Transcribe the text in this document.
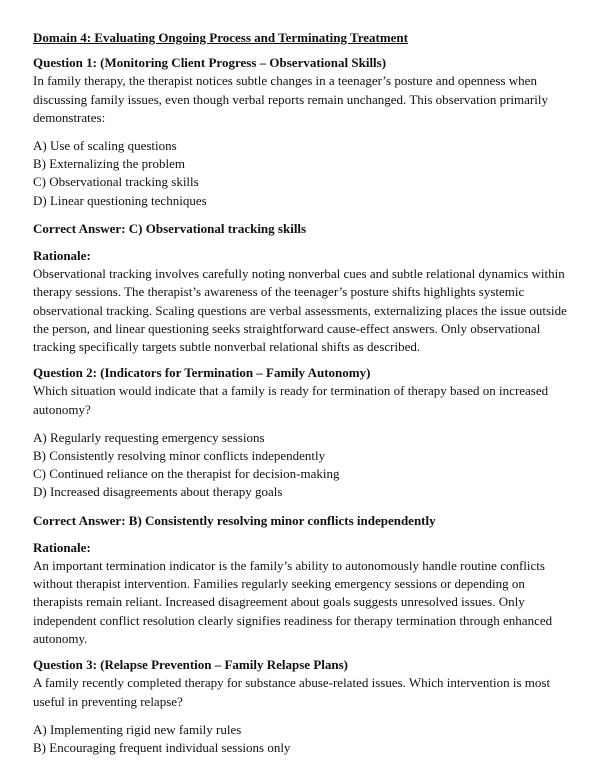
Domain 4: Evaluating Ongoing Process and Terminating Treatment
Question 1: (Monitoring Client Progress – Observational Skills)

In family therapy, the therapist notices subtle changes in a teenager’s posture and openness when discussing family issues, even though verbal reports remain unchanged. This observation primarily demonstrates:

A) Use of scaling questions
B) Externalizing the problem
C) Observational tracking skills
D) Linear questioning techniques
Correct Answer: C) Observational tracking skills
Rationale:

Observational tracking involves carefully noting nonverbal cues and subtle relational dynamics within therapy sessions. The therapist’s awareness of the teenager’s posture shifts highlights systemic observational tracking. Scaling questions are verbal assessments, externalizing places the issue outside the person, and linear questioning seeks straightforward cause-effect answers. Only observational tracking specifically targets subtle nonverbal relational shifts as described.

Question 2: (Indicators for Termination – Family Autonomy)

Which situation would indicate that a family is ready for termination of therapy based on increased autonomy?

A) Regularly requesting emergency sessions
B) Consistently resolving minor conflicts independently
C) Continued reliance on the therapist for decision-making
D) Increased disagreements about therapy goals
Correct Answer: B) Consistently resolving minor conflicts independently
Rationale:

An important termination indicator is the family’s ability to autonomously handle routine conflicts without therapist intervention. Families regularly seeking emergency sessions or depending on therapists remain reliant. Increased disagreement about goals suggests unresolved issues. Only independent conflict resolution clearly signifies readiness for therapy termination through enhanced autonomy.

Question 3: (Relapse Prevention – Family Relapse Plans)

A family recently completed therapy for substance abuse-related issues. Which intervention is most useful in preventing relapse?

A) Implementing rigid new family rules
B) Encouraging frequent individual sessions only
